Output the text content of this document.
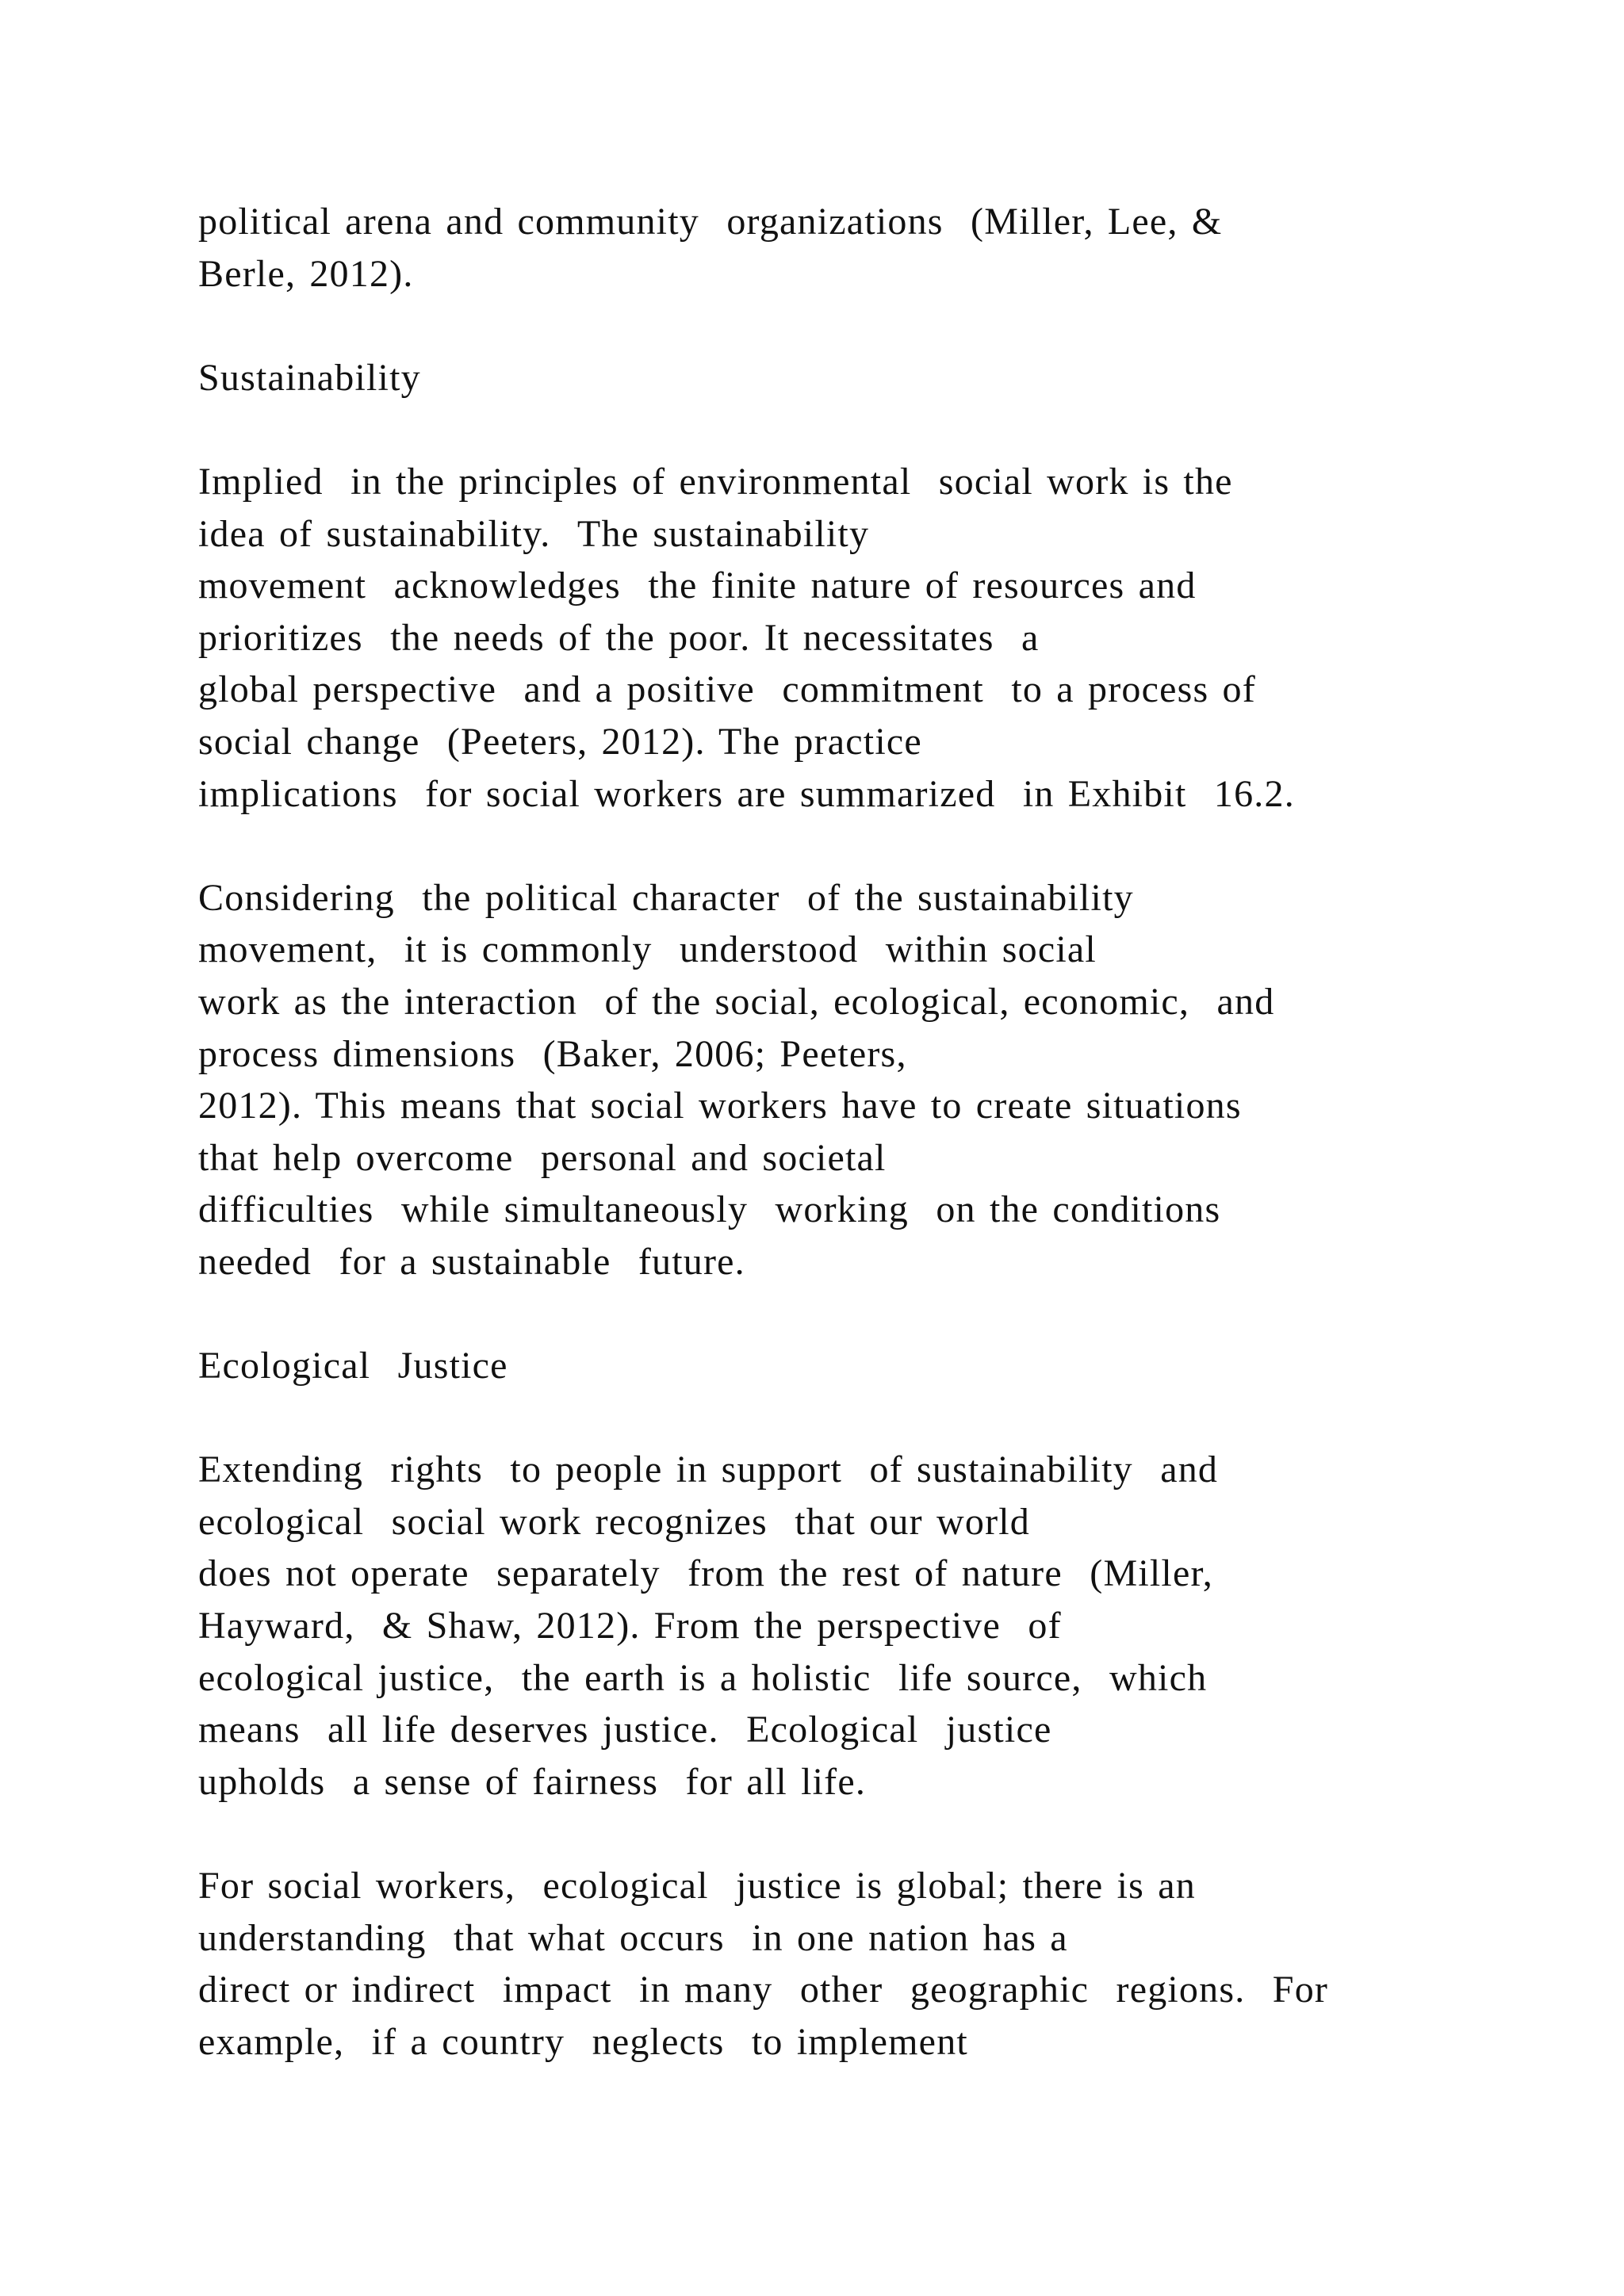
political arena and community  organizations  (Miller, Lee, &
Berle, 2012).
Sustainability
Implied  in the principles of environmental  social work is the
idea of sustainability.  The sustainability
movement  acknowledges  the finite nature of resources and
prioritizes  the needs of the poor. It necessitates  a
global perspective  and a positive  commitment  to a process of
social change  (Peeters, 2012). The practice
implications  for social workers are summarized  in Exhibit  16.2.
Considering  the political character  of the sustainability
movement,  it is commonly  understood  within social
work as the interaction  of the social, ecological, economic,  and
process dimensions  (Baker, 2006; Peeters,
2012). This means that social workers have to create situations
that help overcome  personal and societal
difficulties  while simultaneously  working  on the conditions
needed  for a sustainable  future.
Ecological  Justice
Extending  rights  to people in support  of sustainability  and
ecological  social work recognizes  that our world
does not operate  separately  from the rest of nature  (Miller,
Hayward,  & Shaw, 2012). From the perspective  of
ecological justice,  the earth is a holistic  life source,  which
means  all life deserves justice.  Ecological  justice
upholds  a sense of fairness  for all life.
For social workers,  ecological  justice is global; there is an
understanding  that what occurs  in one nation has a
direct or indirect  impact  in many  other  geographic  regions.  For
example,  if a country  neglects  to implement
